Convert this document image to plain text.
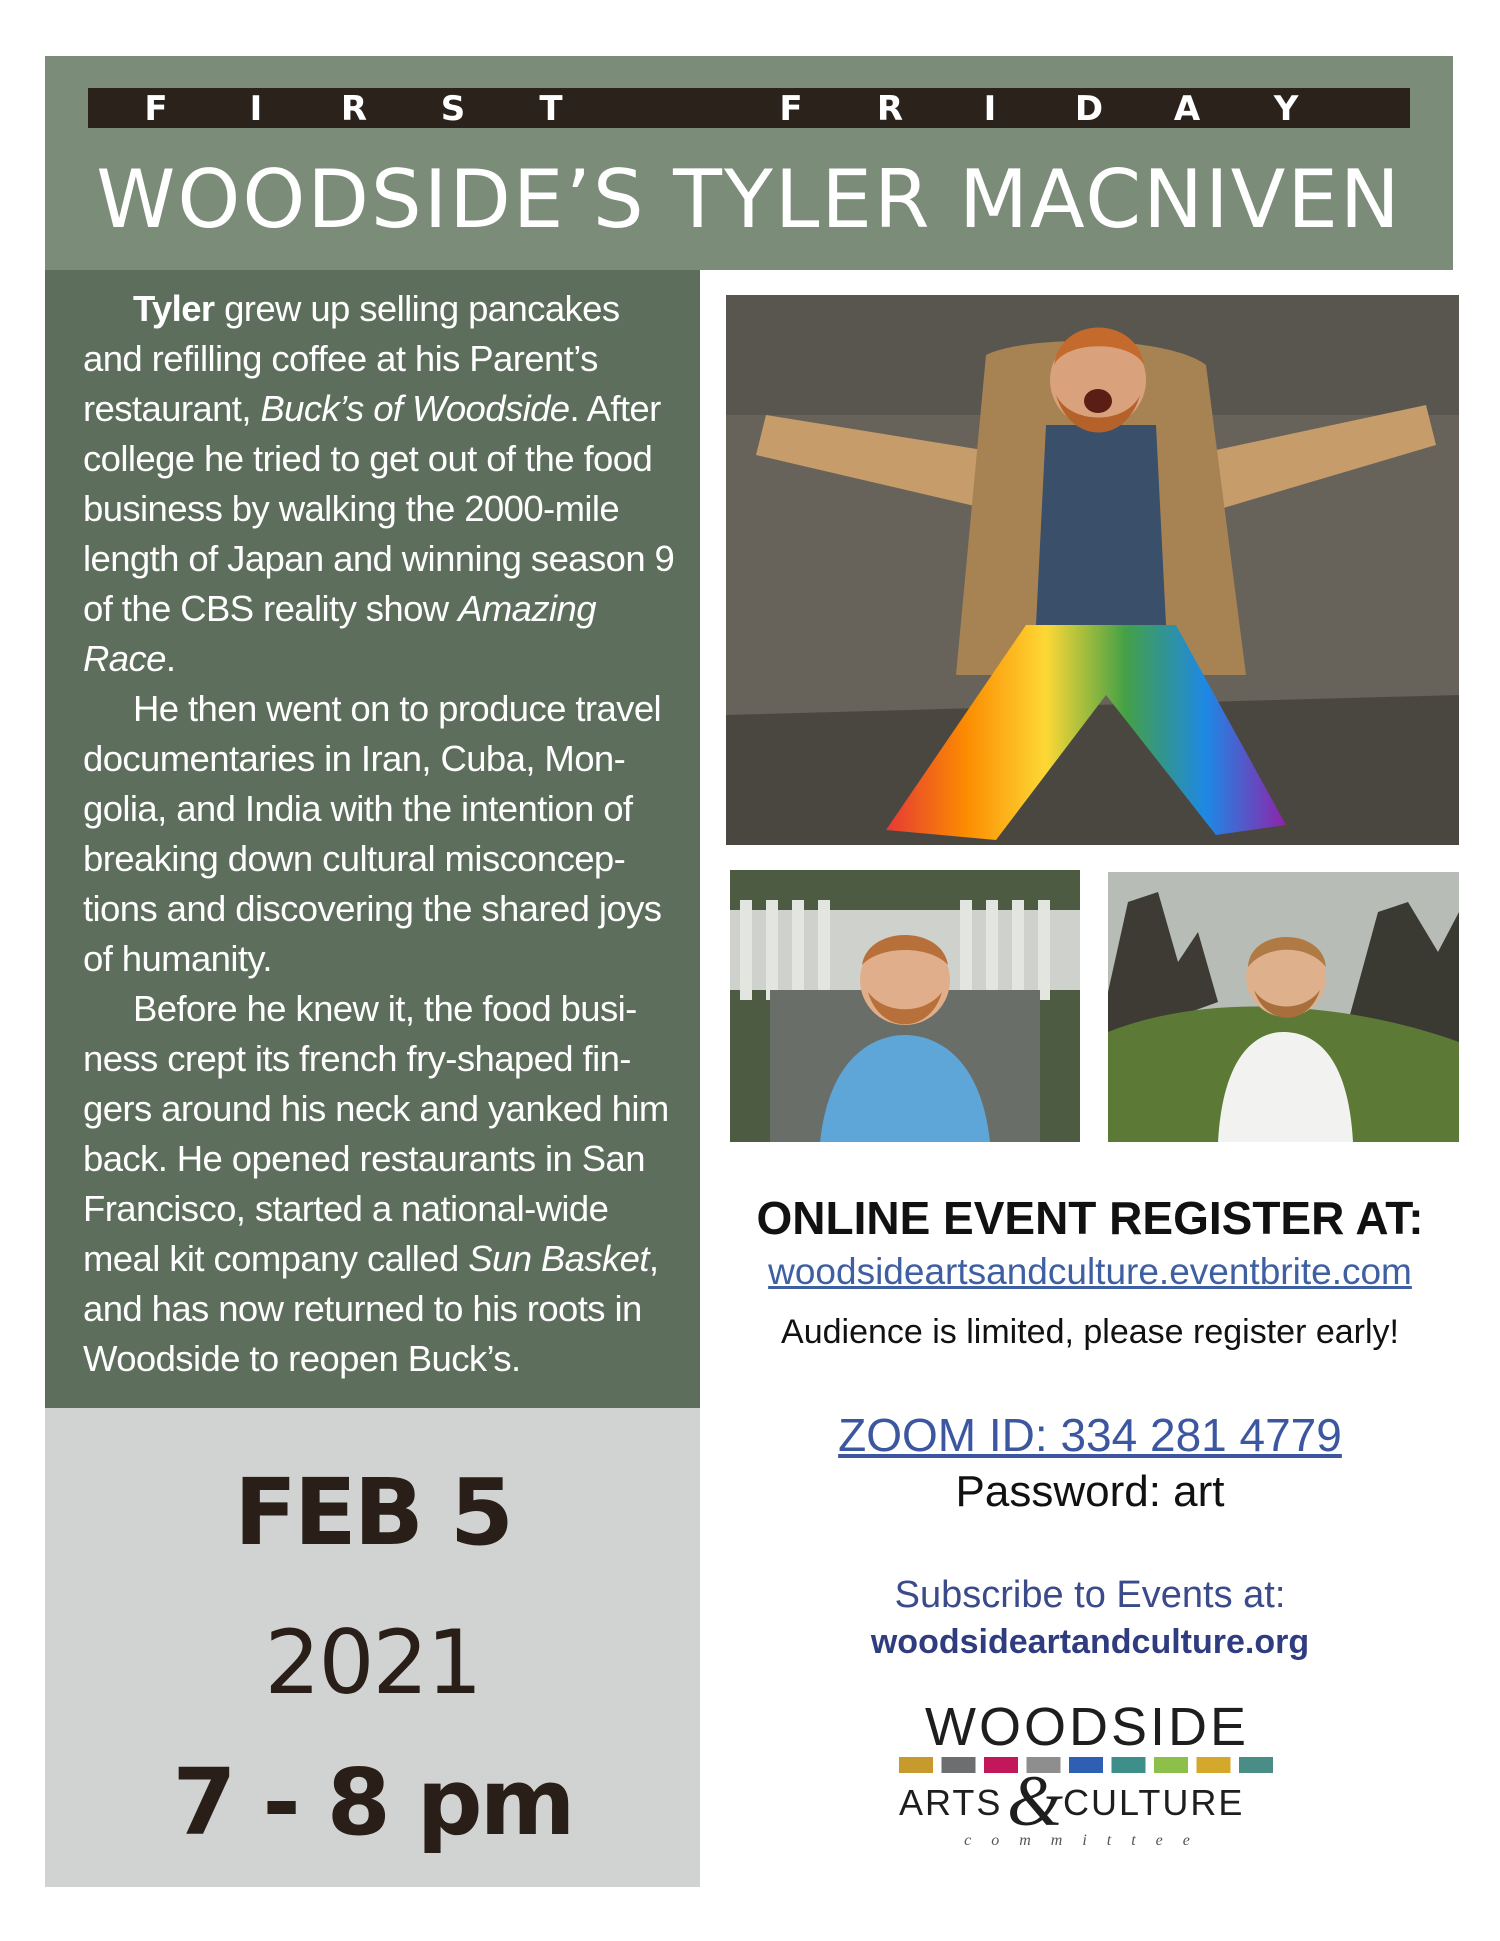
F	I	R S T	F R	I	D A Y
WOODSIDE’S TYLER MACNIVEN

Tyler grew up selling pancakes and refilling coffee at his Parent’s restaurant, Buck’s of Woodside. After college he tried to get out of the food business by walking the 2000-mile length of Japan and winning season 9 of the CBS reality show Amazing Race.

He then went on to produce travel documentaries in Iran, Cuba, Mon-golia, and India with the intention of breaking down cultural misconcep-tions and discovering the shared joys of humanity.

Before he knew it, the food busi-ness crept its french fry-shaped fin-gers around his neck and yanked him back. He opened restaurants in San Francisco, started a national-wide meal kit company called Sun Basket, and has now returned to his roots in Woodside to reopen Buck’s.

FEB 5
2021
7 - 8 pm
ONLINE EVENT REGISTER AT:
woodsideartsandculture.eventbrite.com
Audience is limited, please register early!
ZOOM ID: 334 281 4779
Password: art
Subscribe to Events at:
woodsideartandculture.org
WOODSIDE
ARTS & CULTURE
committee
